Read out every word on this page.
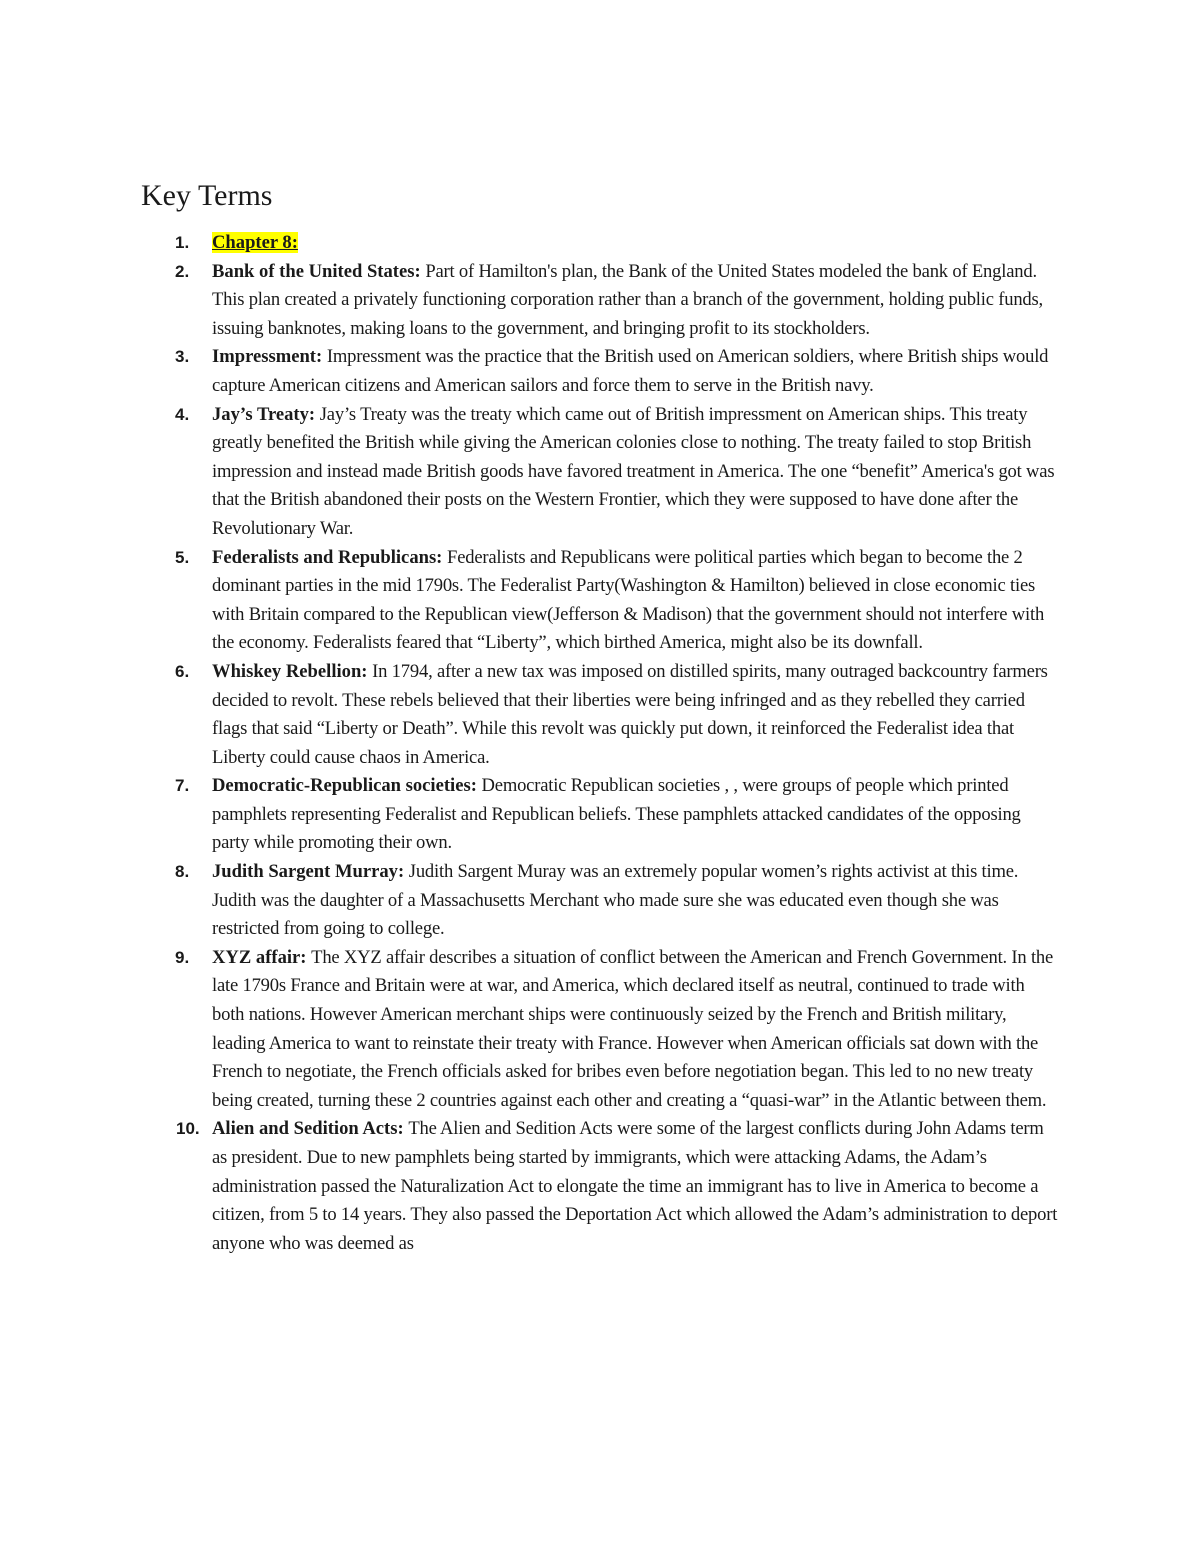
Key Terms
1. Chapter 8:
2. Bank of the United States: Part of Hamilton's plan, the Bank of the United States modeled the bank of England. This plan created a privately functioning corporation rather than a branch of the government, holding public funds, issuing banknotes, making loans to the government, and bringing profit to its stockholders.
3. Impressment: Impressment was the practice that the British used on American soldiers, where British ships would capture American citizens and American sailors and force them to serve in the British navy.
4. Jay’s Treaty: Jay’s Treaty was the treaty which came out of British impressment on American ships. This treaty greatly benefited the British while giving the American colonies close to nothing. The treaty failed to stop British impression and instead made British goods have favored treatment in America. The one “benefit” America's got was that the British abandoned their posts on the Western Frontier, which they were supposed to have done after the Revolutionary War.
5. Federalists and Republicans: Federalists and Republicans were political parties which began to become the 2 dominant parties in the mid 1790s. The Federalist Party(Washington & Hamilton) believed in close economic ties with Britain compared to the Republican view(Jefferson & Madison) that the government should not interfere with the economy. Federalists feared that “Liberty”, which birthed America, might also be its downfall.
6. Whiskey Rebellion: In 1794, after a new tax was imposed on distilled spirits, many outraged backcountry farmers decided to revolt. These rebels believed that their liberties were being infringed and as they rebelled they carried flags that said “Liberty or Death”. While this revolt was quickly put down, it reinforced the Federalist idea that Liberty could cause chaos in America.
7. Democratic-Republican societies: Democratic Republican societies , , were groups of people which printed pamphlets representing Federalist and Republican beliefs. These pamphlets attacked candidates of the opposing party while promoting their own.
8. Judith Sargent Murray: Judith Sargent Muray was an extremely popular women’s rights activist at this time. Judith was the daughter of a Massachusetts Merchant who made sure she was educated even though she was restricted from going to college.
9. XYZ affair: The XYZ affair describes a situation of conflict between the American and French Government. In the late 1790s France and Britain were at war, and America, which declared itself as neutral, continued to trade with both nations. However American merchant ships were continuously seized by the French and British military, leading America to want to reinstate their treaty with France. However when American officials sat down with the French to negotiate, the French officials asked for bribes even before negotiation began. This led to no new treaty being created, turning these 2 countries against each other and creating a “quasi-war” in the Atlantic between them.
10. Alien and Sedition Acts: The Alien and Sedition Acts were some of the largest conflicts during John Adams term as president. Due to new pamphlets being started by immigrants, which were attacking Adams, the Adam’s administration passed the Naturalization Act to elongate the time an immigrant has to live in America to become a citizen, from 5 to 14 years. They also passed the Deportation Act which allowed the Adam’s administration to deport anyone who was deemed as
